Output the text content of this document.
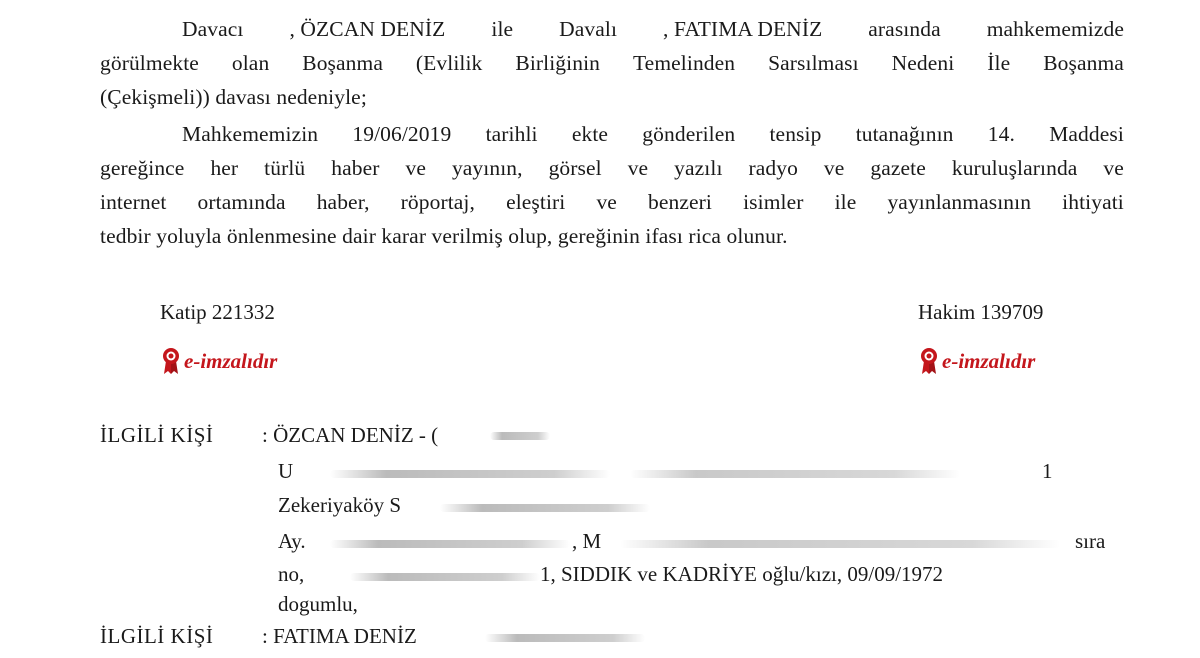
Davacı , ÖZCAN DENİZ ile Davalı , FATIMA DENİZ arasında mahkememizde
görülmekte olan Boşanma (Evlilik Birliğinin Temelinden Sarsılması Nedeni İle Boşanma
(Çekişmeli)) davası nedeniyle;
Mahkememizin 19/06/2019 tarihli ekte gönderilen tensip tutanağının 14. Maddesi
gereğince her türlü haber ve yayının, görsel ve yazılı radyo ve gazete kuruluşlarında ve
internet ortamında haber, röportaj, eleştiri ve benzeri isimler ile yayınlanmasının ihtiyati
tedbir yoluyla önlenmesine dair karar verilmiş olup, gereğinin ifası rica olunur.
Katip 221332
e-imzalıdır
Hakim 139709
e-imzalıdır
İLGİLİ KİŞİ : ÖZCAN DENİZ - (
U	1
Zekeriyaköy S
Ay.	, M	sıra
no,	1, SIDDIK ve KADRİYE oğlu/kızı, 09/09/1972
dogumlu,
İLGİLİ KİŞİ : FATIMA DENİZ
